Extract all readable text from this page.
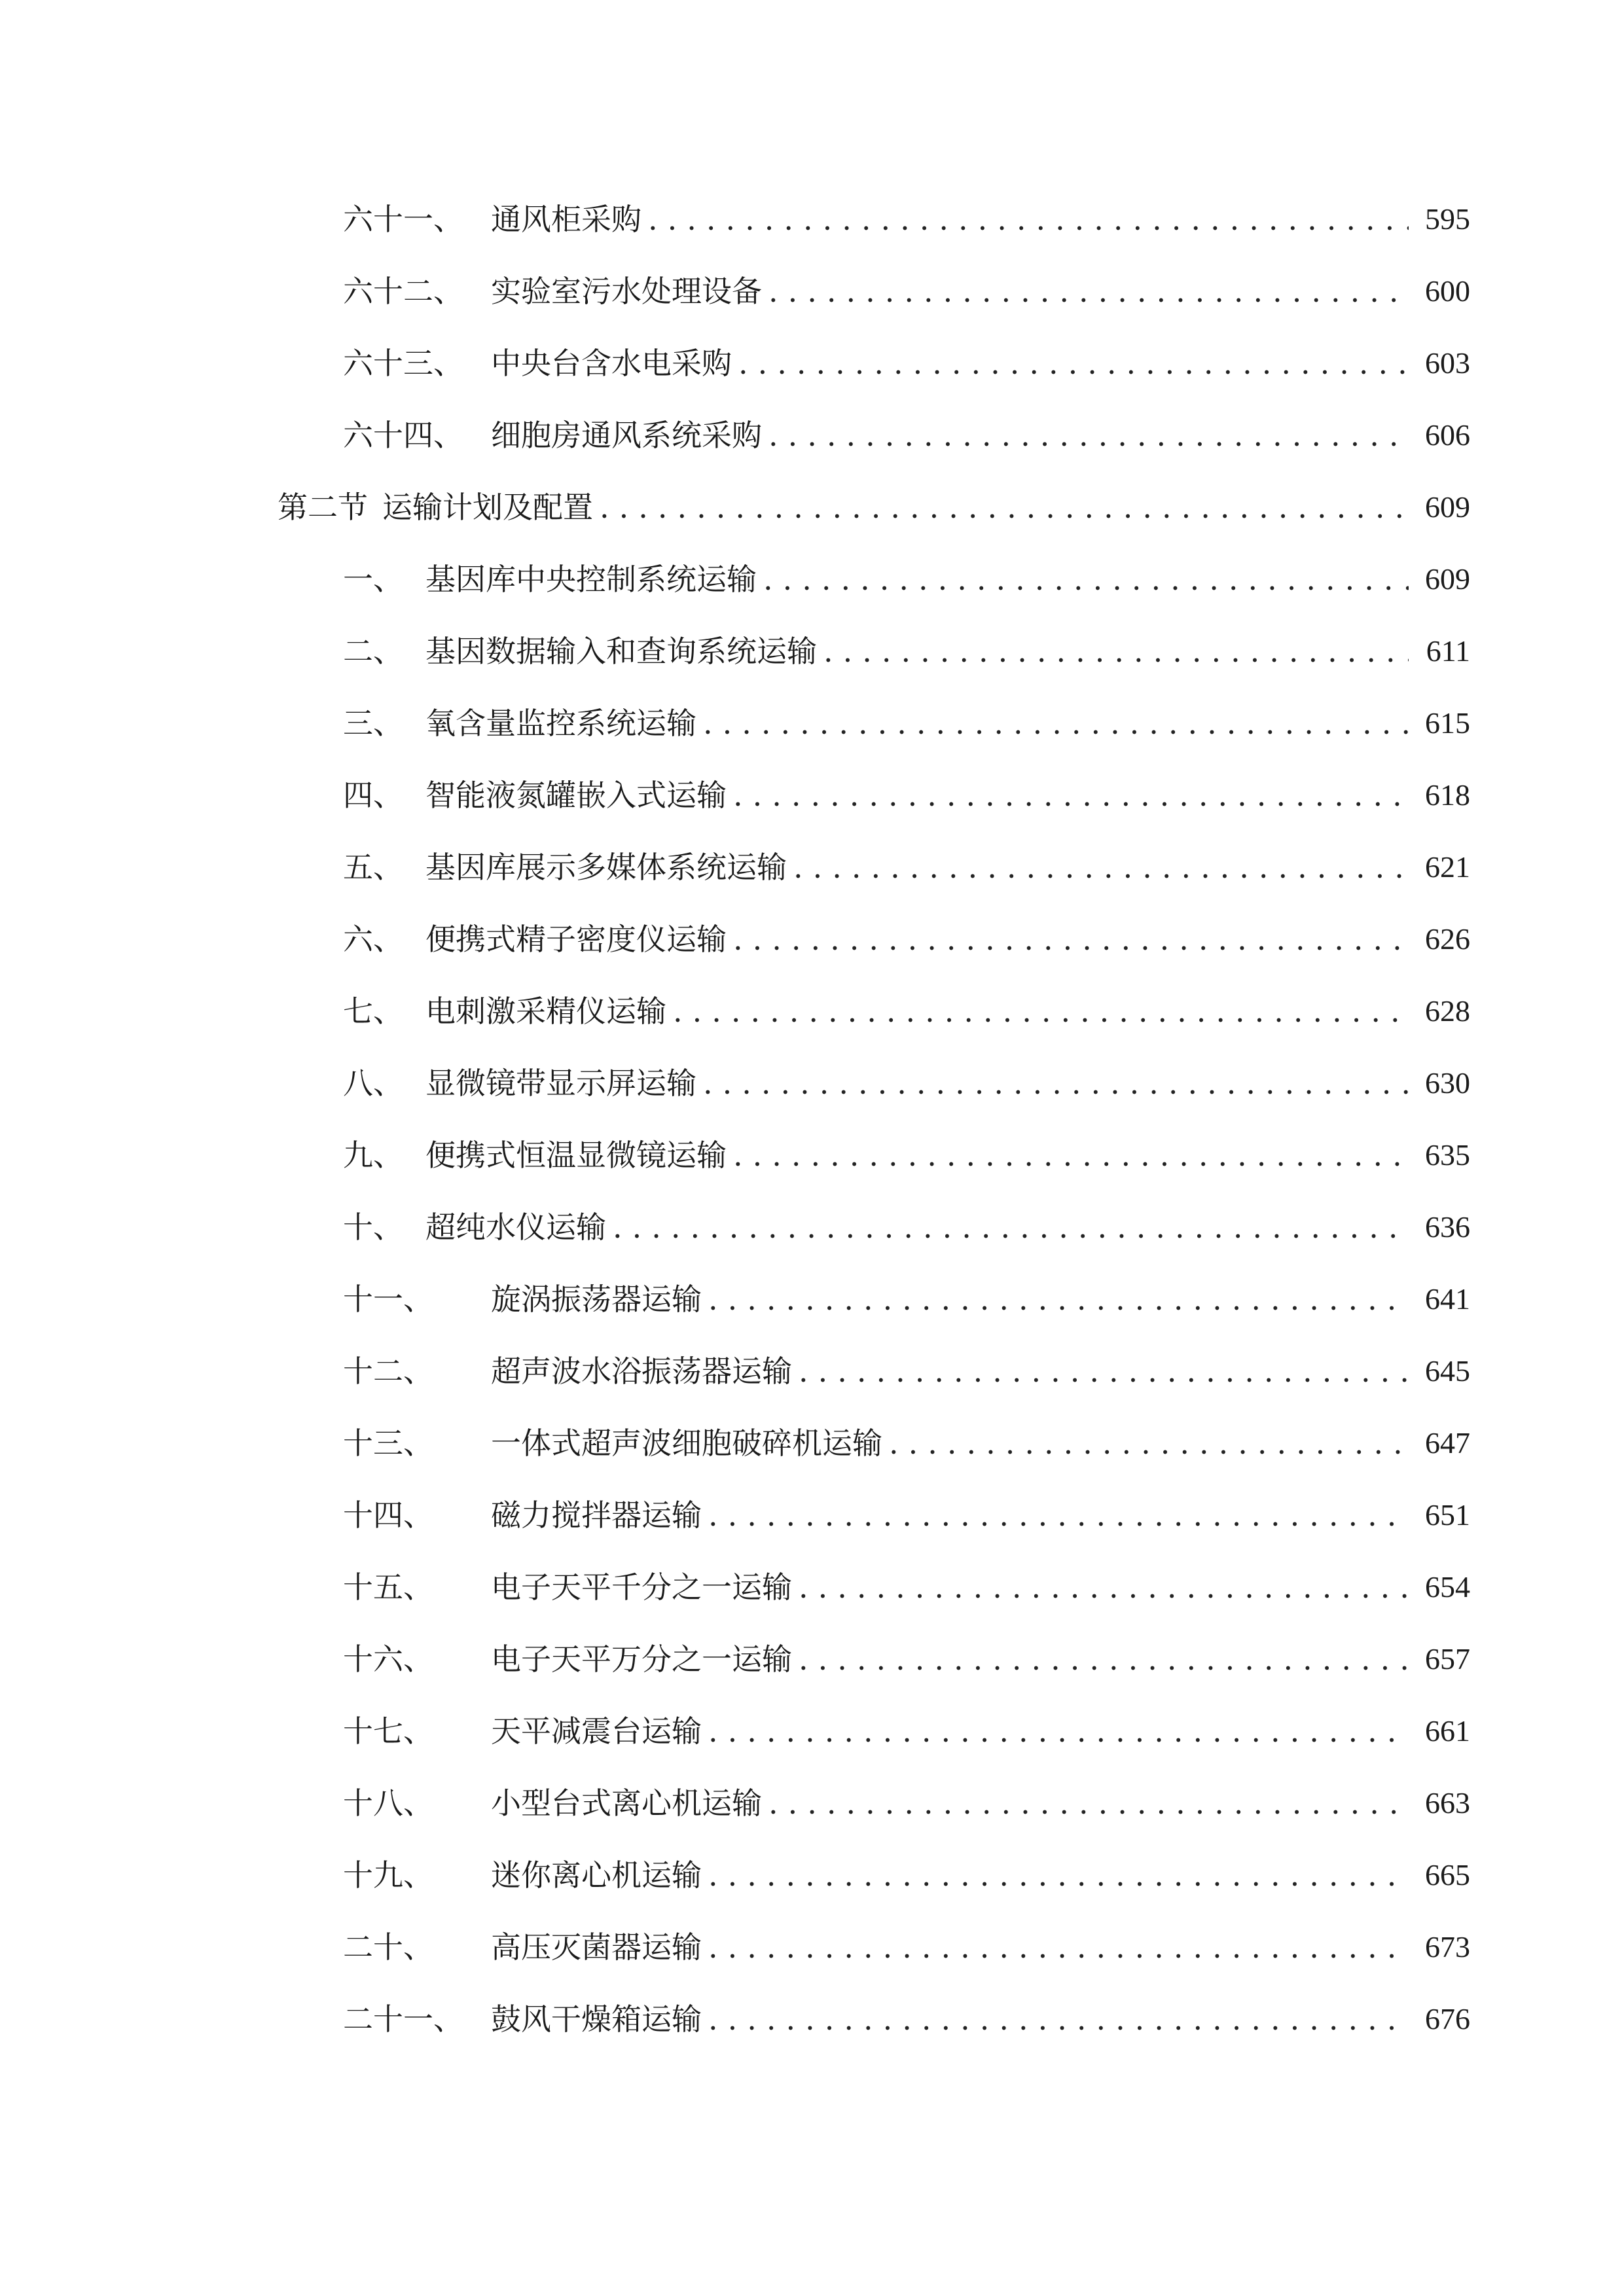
六十一、 通风柜采购 .....	595
六十二、 实验室污水处理设备 .....	600
六十三、 中央台含水电采购 .....	603
六十四、 细胞房通风系统采购 .....	606
第二节 运输计划及配置 .....	609
一、 基因库中央控制系统运输 .....	609
二、 基因数据输入和查询系统运输 .....	611
三、 氧含量监控系统运输 .....	615
四、 智能液氮罐嵌入式运输 .....	618
五、 基因库展示多媒体系统运输 .....	621
六、 便携式精子密度仪运输 .....	626
七、 电刺激采精仪运输 .....	628
八、 显微镜带显示屏运输 .....	630
九、 便携式恒温显微镜运输 .....	635
十、 超纯水仪运输 .....	636
十一、	旋涡振荡器运输 .....	641
十二、	超声波水浴振荡器运输 .....	645
十三、	一体式超声波细胞破碎机运输 .....	647
十四、	磁力搅拌器运输 .....	651
十五、	电子天平千分之一运输 .....	654
十六、	电子天平万分之一运输 .....	657
十七、	天平减震台运输 .....	661
十八、	小型台式离心机运输 .....	663
十九、	迷你离心机运输 .....	665
二十、	高压灭菌器运输 .....	673
二十一、 鼓风干燥箱运输 .....	676
